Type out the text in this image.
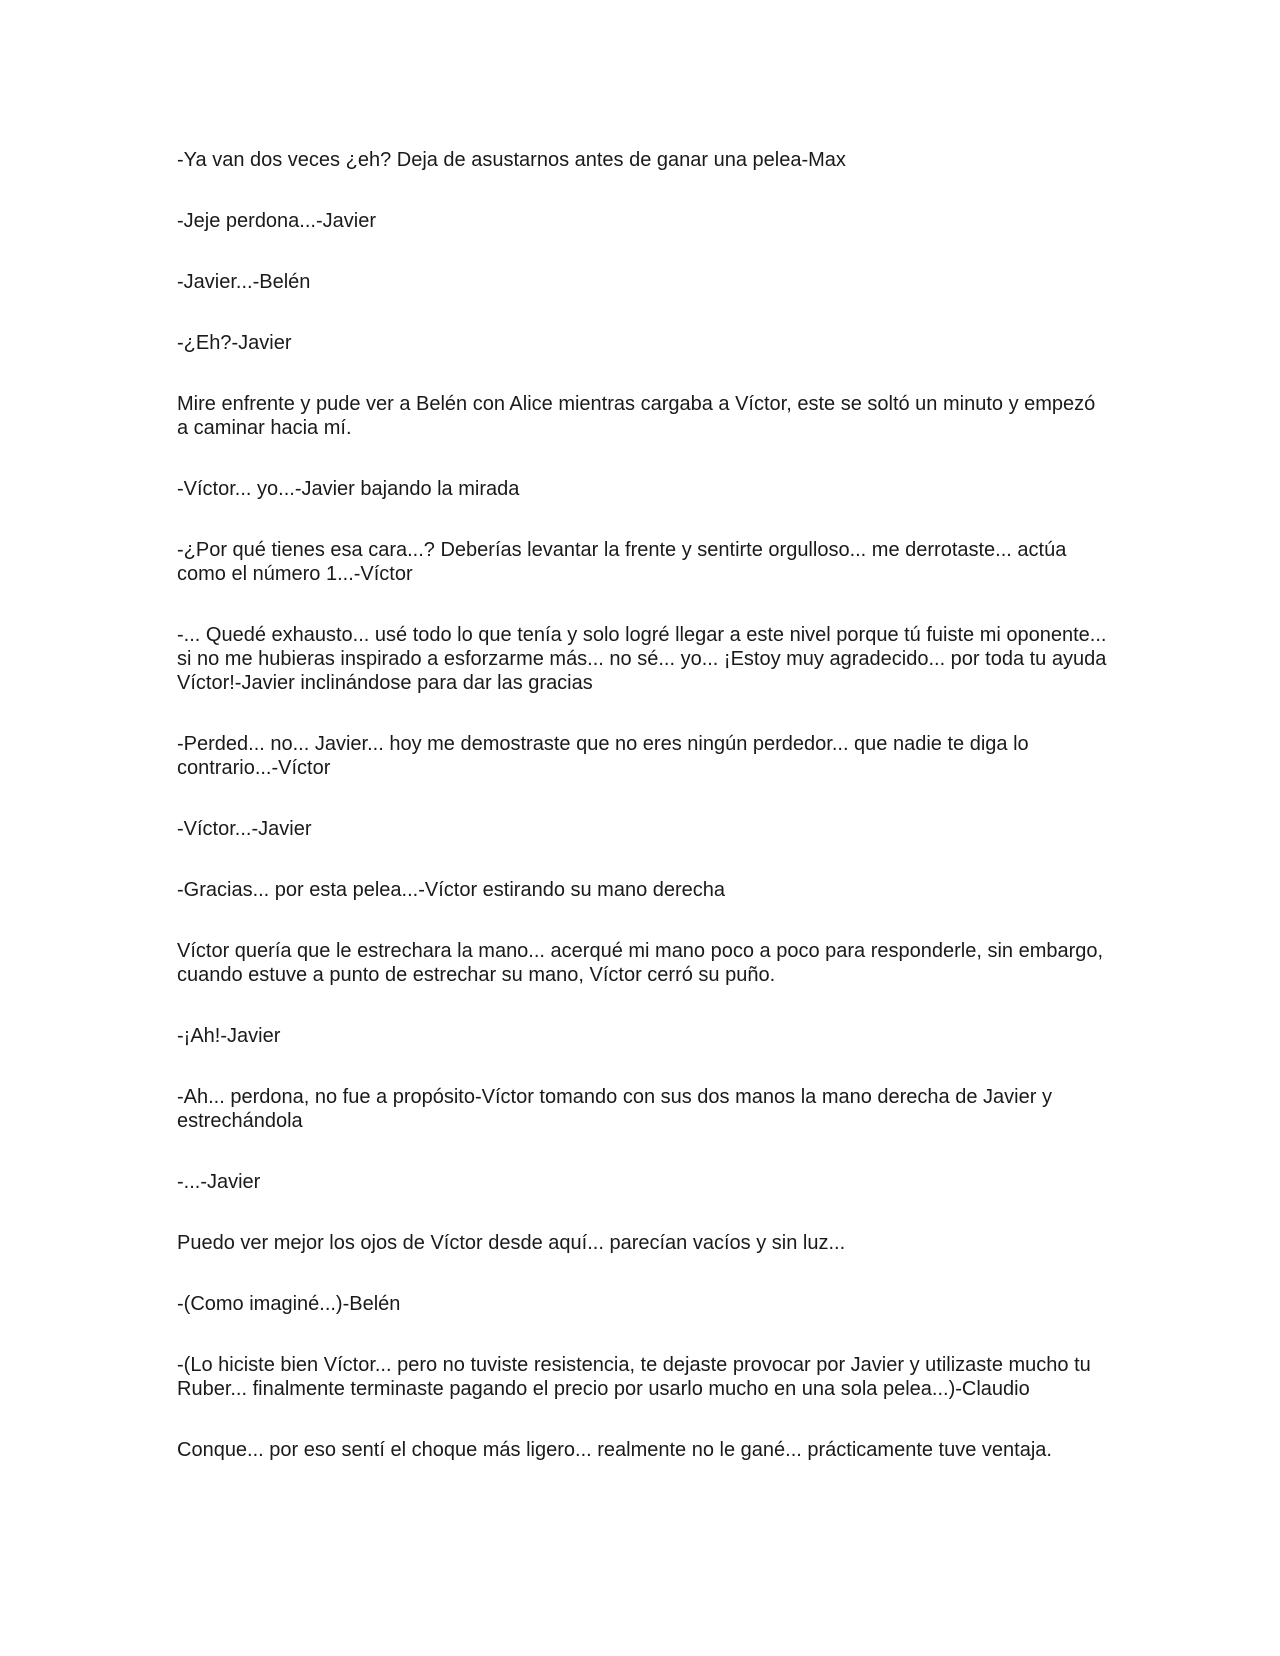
-Ya van dos veces ¿eh? Deja de asustarnos antes de ganar una pelea-Max

-Jeje perdona...-Javier

-Javier...-Belén

-¿Eh?-Javier

Mire enfrente y pude ver a Belén con Alice mientras cargaba a Víctor, este se soltó un minuto y empezó a caminar hacia mí.

-Víctor... yo...-Javier bajando la mirada

-¿Por qué tienes esa cara...? Deberías levantar la frente y sentirte orgulloso... me derrotaste... actúa como el número 1...-Víctor

-... Quedé exhausto... usé todo lo que tenía y solo logré llegar a este nivel porque tú fuiste mi oponente... si no me hubieras inspirado a esforzarme más... no sé... yo... ¡Estoy muy agradecido... por toda tu ayuda Víctor!-Javier inclinándose para dar las gracias

-Perded... no... Javier... hoy me demostraste que no eres ningún perdedor... que nadie te diga lo contrario...-Víctor

-Víctor...-Javier

-Gracias... por esta pelea...-Víctor estirando su mano derecha

Víctor quería que le estrechara la mano... acerqué mi mano poco a poco para responderle, sin embargo, cuando estuve a punto de estrechar su mano, Víctor cerró su puño.

-¡Ah!-Javier

-Ah... perdona, no fue a propósito-Víctor tomando con sus dos manos la mano derecha de Javier y estrechándola

-...-Javier

Puedo ver mejor los ojos de Víctor desde aquí... parecían vacíos y sin luz...

-(Como imaginé...)-Belén

-(Lo hiciste bien Víctor... pero no tuviste resistencia, te dejaste provocar por Javier y utilizaste mucho tu Ruber... finalmente terminaste pagando el precio por usarlo mucho en una sola pelea...)-Claudio

Conque... por eso sentí el choque más ligero... realmente no le gané... prácticamente tuve ventaja.
